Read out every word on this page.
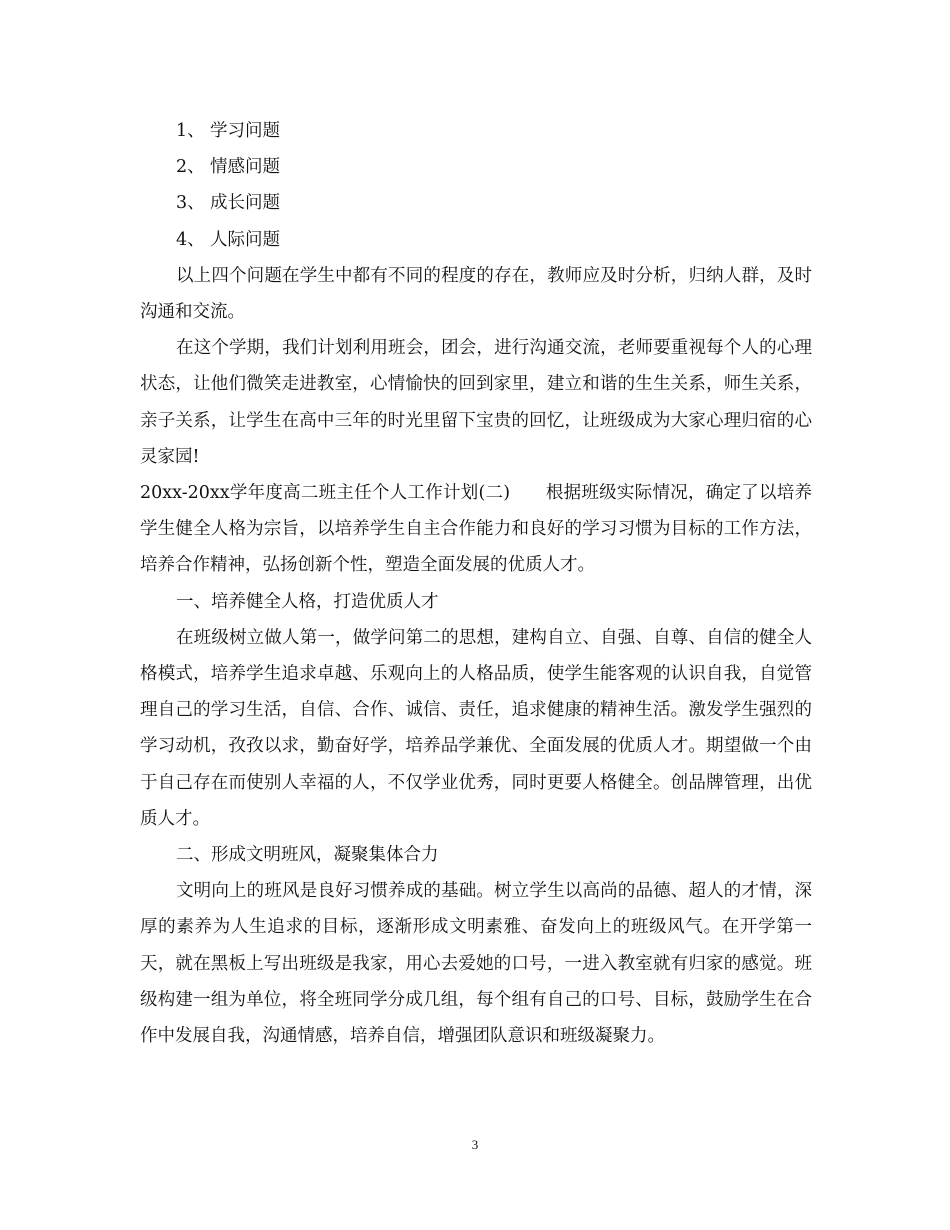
1、 学习问题

2、 情感问题

3、 成长问题

4、 人际问题

以上四个问题在学生中都有不同的程度的存在，教师应及时分析，归纳人群，及时沟通和交流。

在这个学期，我们计划利用班会，团会，进行沟通交流，老师要重视每个人的心理状态，让他们微笑走进教室，心情愉快的回到家里，建立和谐的生生关系，师生关系，亲子关系，让学生在高中三年的时光里留下宝贵的回忆，让班级成为大家心理归宿的心灵家园!

20xx-20xx学年度高二班主任个人工作计划(二)　　根据班级实际情况，确定了以培养学生健全人格为宗旨，以培养学生自主合作能力和良好的学习习惯为目标的工作方法，培养合作精神，弘扬创新个性，塑造全面发展的优质人才。

一、培养健全人格，打造优质人才

在班级树立做人第一，做学问第二的思想，建构自立、自强、自尊、自信的健全人格模式，培养学生追求卓越、乐观向上的人格品质，使学生能客观的认识自我，自觉管理自己的学习生活，自信、合作、诚信、责任，追求健康的精神生活。激发学生强烈的学习动机，孜孜以求，勤奋好学，培养品学兼优、全面发展的优质人才。期望做一个由于自己存在而使别人幸福的人，不仅学业优秀，同时更要人格健全。创品牌管理，出优质人才。

二、形成文明班风，凝聚集体合力

文明向上的班风是良好习惯养成的基础。树立学生以高尚的品德、超人的才情，深厚的素养为人生追求的目标，逐渐形成文明素雅、奋发向上的班级风气。在开学第一天，就在黑板上写出班级是我家，用心去爱她的口号，一进入教室就有归家的感觉。班级构建一组为单位，将全班同学分成几组，每个组有自己的口号、目标，鼓励学生在合作中发展自我，沟通情感，培养自信，增强团队意识和班级凝聚力。

3
